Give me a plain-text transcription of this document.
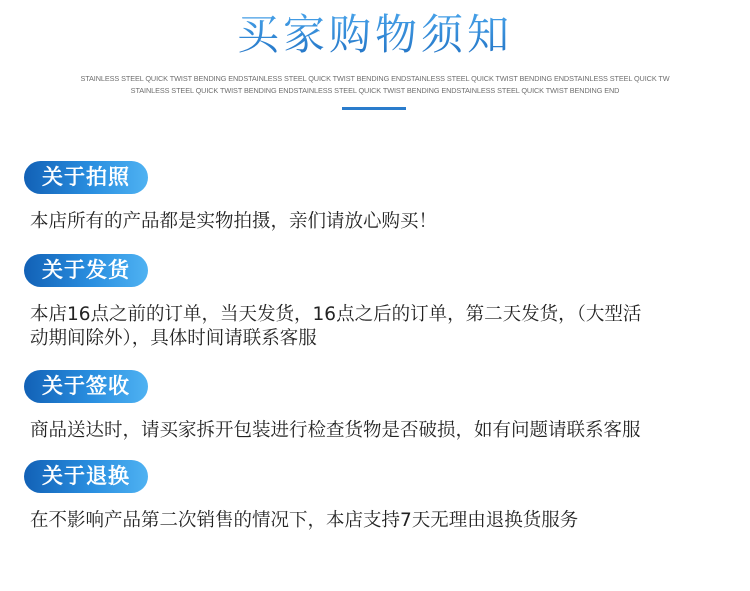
买家购物须知
STAINLESS STEEL QUICK TWIST BENDING ENDSTAINLESS STEEL QUICK TWIST BENDING ENDSTAINLESS STEEL QUICK TWIST BENDING ENDSTAINLESS STEEL QUICK TW
STAINLESS STEEL QUICK TWIST BENDING ENDSTAINLESS STEEL QUICK TWIST BENDING ENDSTAINLESS STEEL QUICK TWIST BENDING END
关于拍照
本店所有的产品都是实物拍摄，亲们请放心购买！
关于发货
本店16点之前的订单，当天发货，16点之后的订单，第二天发货，（大型活
动期间除外），具体时间请联系客服
关于签收
商品送达时，请买家拆开包装进行检查货物是否破损，如有问题请联系客服
关于退换
在不影响产品第二次销售的情况下，本店支持7天无理由退换货服务
